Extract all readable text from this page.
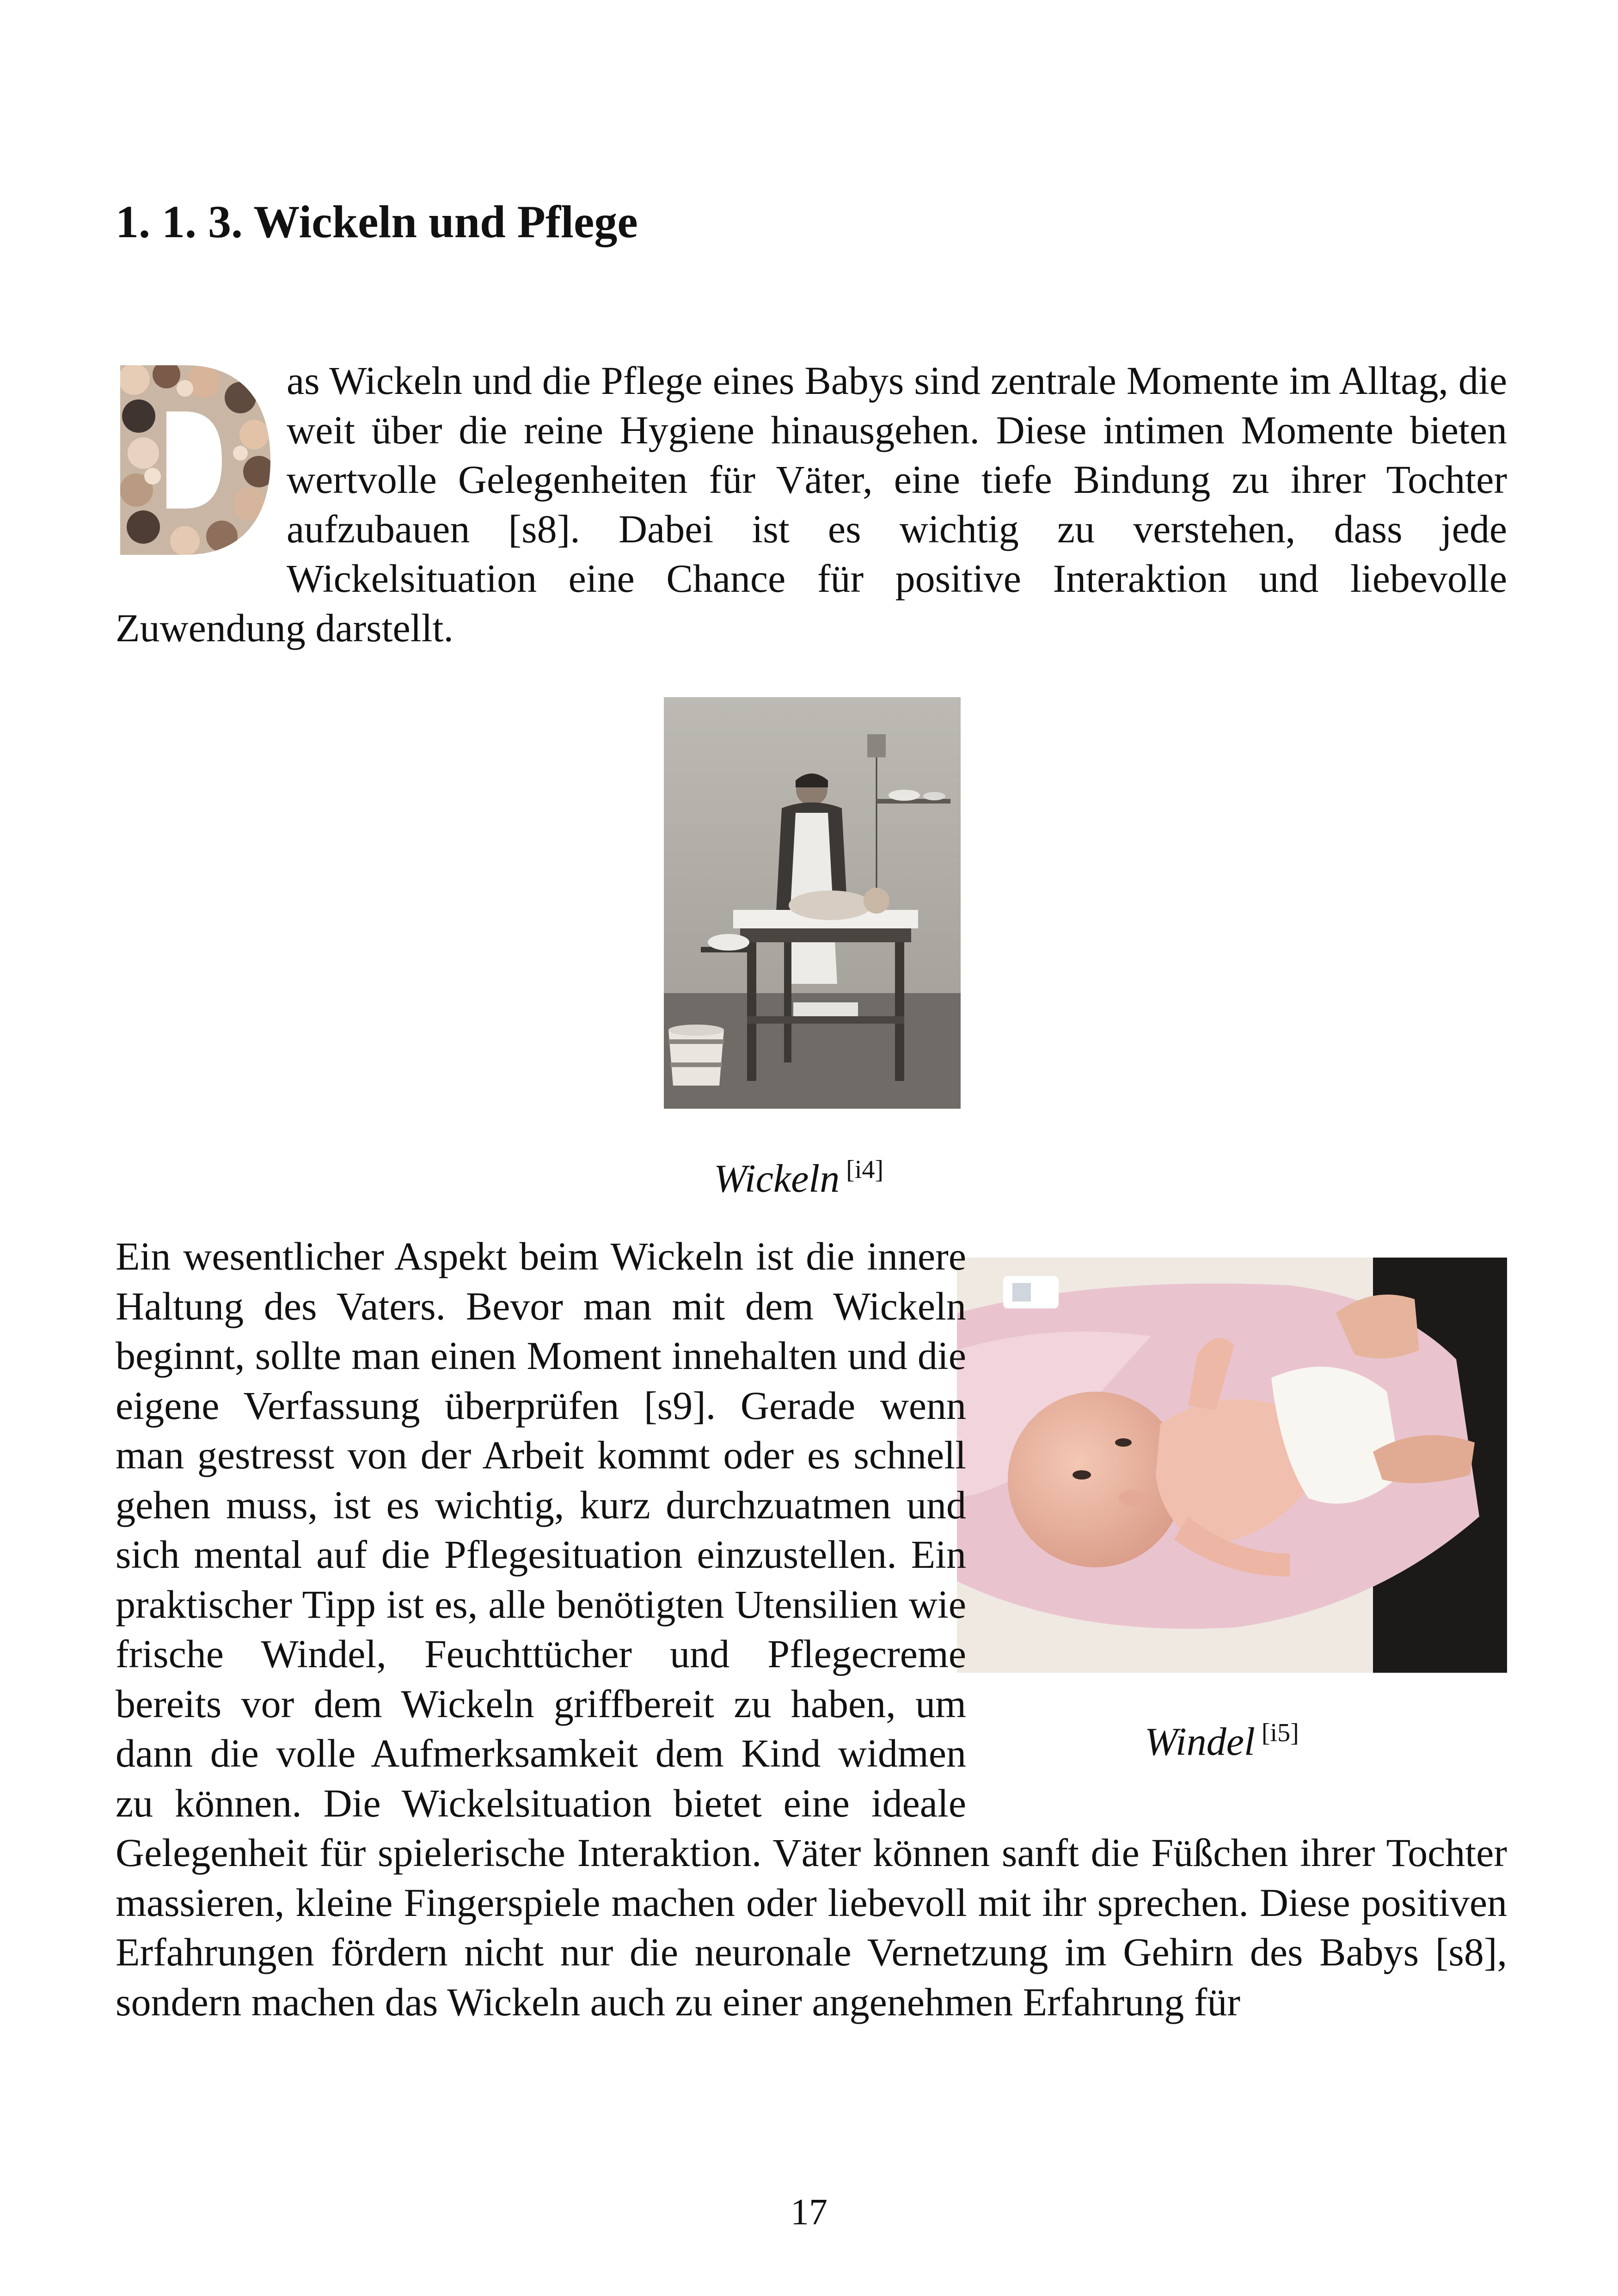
1. 1. 3. Wickeln und Pflege

as Wickeln und die Pflege eines Babys sind zentrale Momente im Alltag, die weit über die reine Hygiene hinausgehen. Diese intimen Momente bieten wertvolle Gelegenheiten für Väter, eine tiefe Bindung zu ihrer Tochter aufzubauen [s8]. Dabei ist es wichtig zu verstehen, dass jede Wickelsituation eine Chance für positive Interaktion und liebevolle Zuwendung darstellt.

Wickeln [i4]
Windel [i5]

Ein wesentlicher Aspekt beim Wickeln ist die innere Haltung des Vaters. Bevor man mit dem Wickeln beginnt, sollte man einen Moment innehalten und die eigene Verfassung überprüfen [s9]. Gerade wenn man gestresst von der Arbeit kommt oder es schnell gehen muss, ist es wichtig, kurz durchzuatmen und sich mental auf die Pflegesituation einzustellen. Ein praktischer Tipp ist es, alle benötigten Utensilien wie frische Windel, Feuchttücher und Pflegecreme bereits vor dem Wickeln griffbereit zu haben, um dann die volle Aufmerksamkeit dem Kind widmen zu können. Die Wickelsituation bietet eine ideale Gelegenheit für spielerische Interaktion. Väter können sanft die Füßchen ihrer Tochter massieren, kleine Fingerspiele machen oder liebevoll mit ihr sprechen. Diese positiven Erfahrungen fördern nicht nur die neuronale Vernetzung im Gehirn des Babys [s8], sondern machen das Wickeln auch zu einer angenehmen Erfahrung für

17
